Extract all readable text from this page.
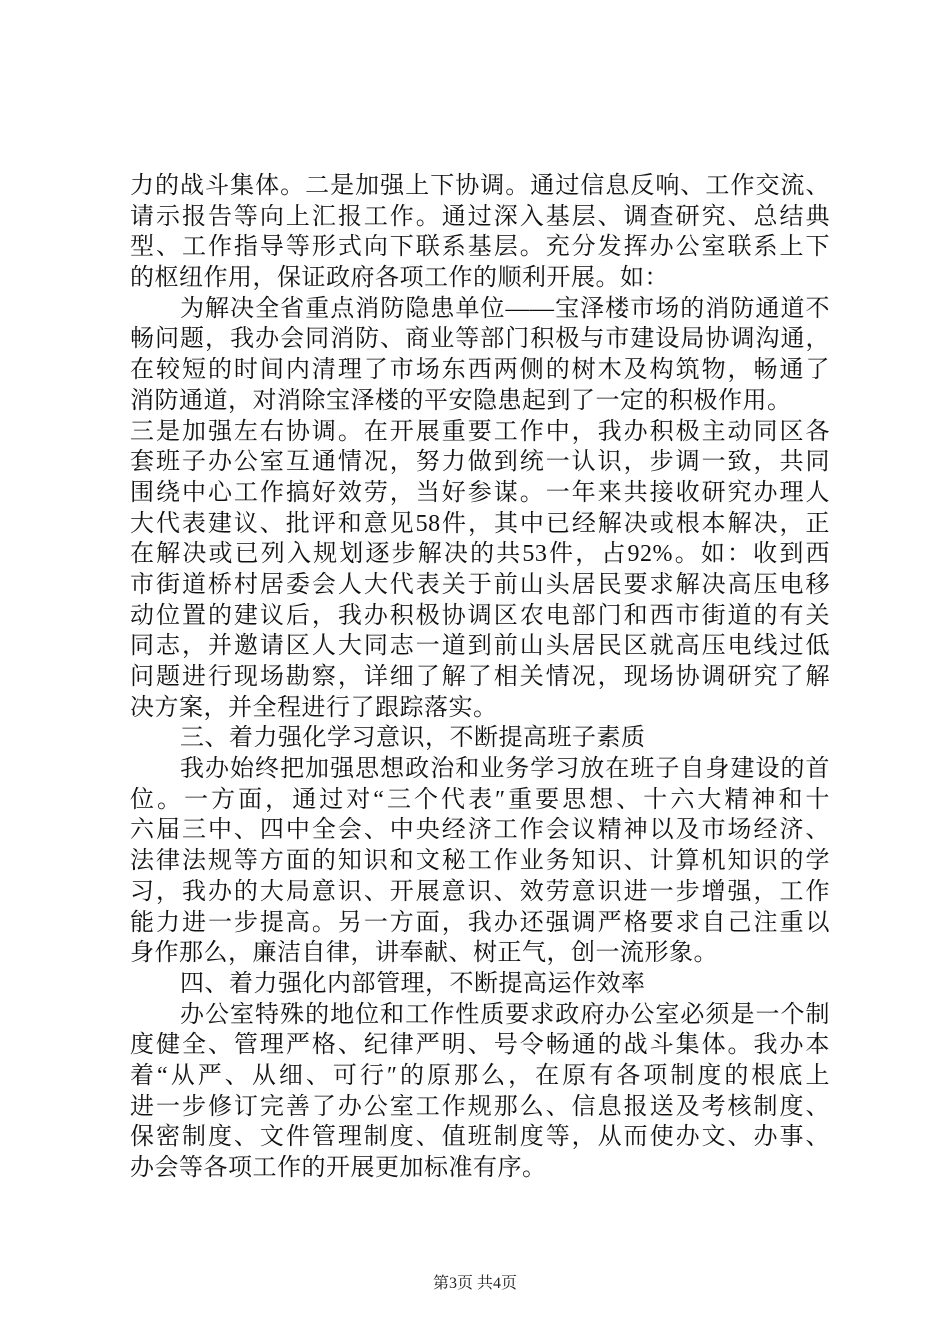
力的战斗集体。二是加强上下协调。通过信息反响、工作交流、
请示报告等向上汇报工作。通过深入基层、调查研究、总结典
型、工作指导等形式向下联系基层。充分发挥办公室联系上下
的枢纽作用，保证政府各项工作的顺利开展。如：
为解决全省重点消防隐患单位——宝泽楼市场的消防通道不
畅问题，我办会同消防、商业等部门积极与市建设局协调沟通，
在较短的时间内清理了市场东西两侧的树木及构筑物，畅通了
消防通道，对消除宝泽楼的平安隐患起到了一定的积极作用。
三是加强左右协调。在开展重要工作中，我办积极主动同区各
套班子办公室互通情况，努力做到统一认识，步调一致，共同
围绕中心工作搞好效劳，当好参谋。一年来共接收研究办理人
大代表建议、批评和意见58件，其中已经解决或根本解决，正
在解决或已列入规划逐步解决的共53件，占92%。如：收到西
市街道桥村居委会人大代表关于前山头居民要求解决高压电移
动位置的建议后，我办积极协调区农电部门和西市街道的有关
同志，并邀请区人大同志一道到前山头居民区就高压电线过低
问题进行现场勘察，详细了解了相关情况，现场协调研究了解
决方案，并全程进行了跟踪落实。
三、着力强化学习意识，不断提高班子素质
我办始终把加强思想政治和业务学习放在班子自身建设的首
位。一方面，通过对“三个代表″重要思想、十六大精神和十
六届三中、四中全会、中央经济工作会议精神以及市场经济、
法律法规等方面的知识和文秘工作业务知识、计算机知识的学
习，我办的大局意识、开展意识、效劳意识进一步增强，工作
能力进一步提高。另一方面，我办还强调严格要求自己注重以
身作那么，廉洁自律，讲奉献、树正气，创一流形象。
四、着力强化内部管理，不断提高运作效率
办公室特殊的地位和工作性质要求政府办公室必须是一个制
度健全、管理严格、纪律严明、号令畅通的战斗集体。我办本
着“从严、从细、可行″的原那么，在原有各项制度的根底上
进一步修订完善了办公室工作规那么、信息报送及考核制度、
保密制度、文件管理制度、值班制度等，从而使办文、办事、
办会等各项工作的开展更加标准有序。
第3页 共4页
